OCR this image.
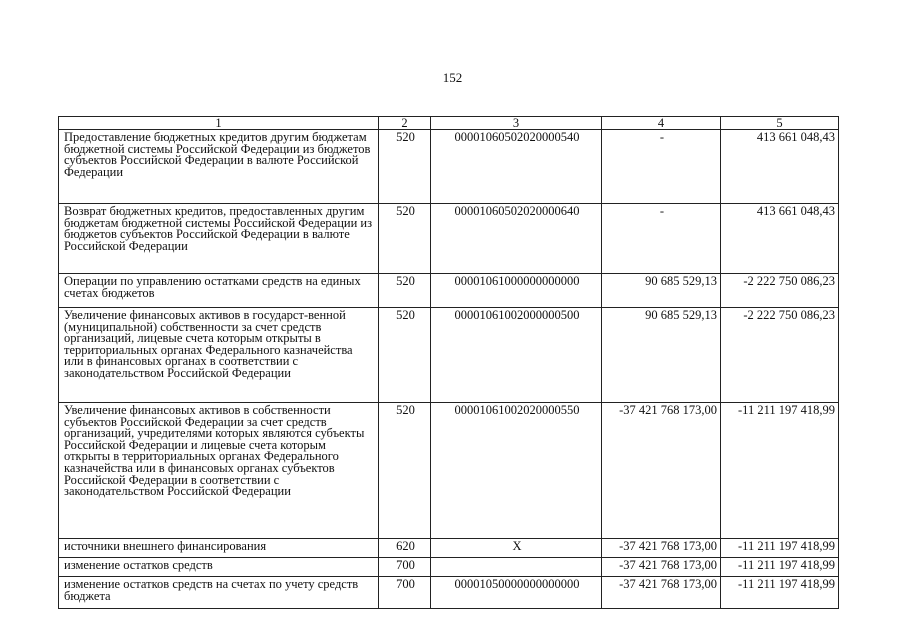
152
1	2	3	4	5
Предоставление бюджетных кредитов другим бюджетам бюджетной системы Российской Федерации из бюджетов субъектов Российской Федерации в валюте Российской Федерации	520	00001060502020000540	-	413 661 048,43
Возврат бюджетных кредитов, предоставленных другим бюджетам бюджетной системы Российской Федерации из бюджетов субъектов Российской Федерации в валюте Российской Федерации	520	00001060502020000640	-	413 661 048,43
Операции по управлению остатками средств на единых счетах бюджетов	520	00001061000000000000	90 685 529,13	-2 222 750 086,23
Увеличение финансовых активов в государст-венной (муниципальной) собственности за счет средств организаций, лицевые счета которым открыты в территориальных органах Федерального казначейства или в финансовых органах в соответствии с законодательством Российской Федерации	520	00001061002000000500	90 685 529,13	-2 222 750 086,23
Увеличение финансовых активов в собственности субъектов Российской Федерации за счет средств организаций, учредителями которых являются субъекты Российской Федерации и лицевые счета которым открыты в территориальных органах Федерального казначейства или в финансовых органах субъектов Российской Федерации в соответствии с законодательством Российской Федерации	520	00001061002020000550	-37 421 768 173,00	-11 211 197 418,99
источники внешнего финансирования	620	X	-37 421 768 173,00	-11 211 197 418,99
изменение остатков средств	700		-37 421 768 173,00	-11 211 197 418,99
изменение остатков средств на счетах по учету средств бюджета	700	00001050000000000000	-37 421 768 173,00	-11 211 197 418,99
